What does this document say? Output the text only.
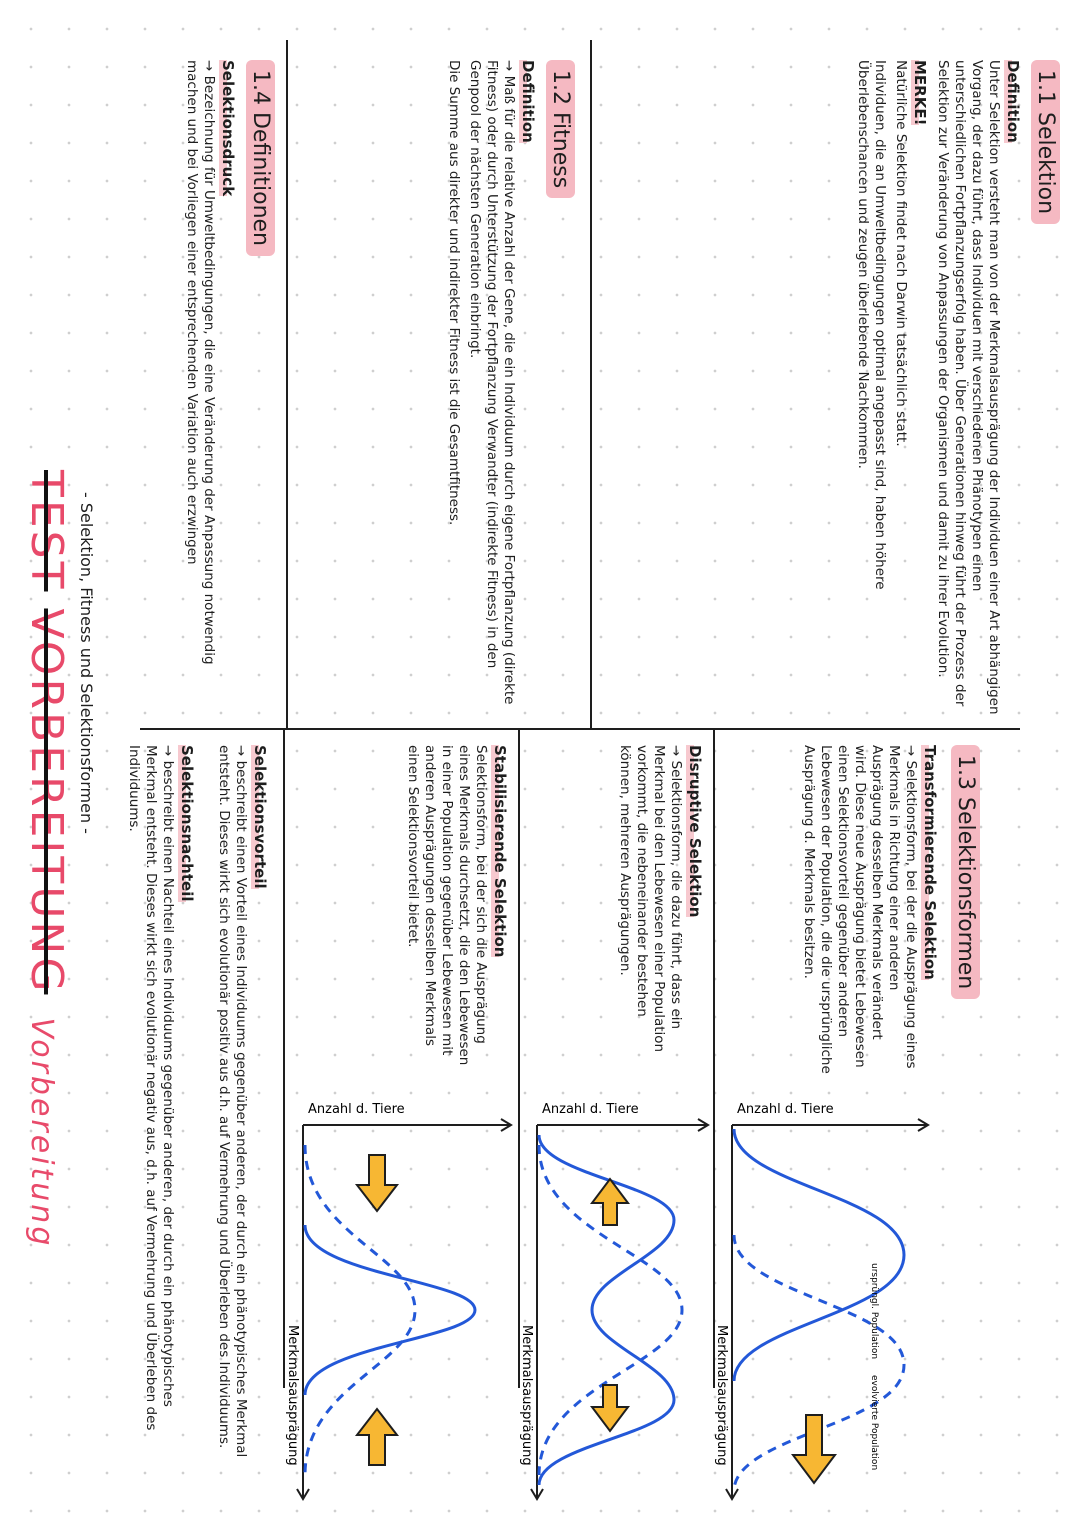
TEST VORBEREITUNG Vorbereitung
- Selektion, Fitness und Selektionsformen -
1.1 Selektion
Definition

Unter Selektion versteht man von der Merkmalsausprägung der Individuen einer Art abhängigen Vorgang, der dazu führt, dass Individuen mit verschiedenen Phänotypen einen unterschiedlichen Fortpflanzungserfolg haben. Über Generationen hinweg führt der Prozess der Selektion zur Veränderung von Anpassungen der Organismen und damit zu ihrer Evolution.

MERKE!

Natürliche Selektion findet nach Darwin tatsächlich statt.

Individuen, die an Umweltbedingungen optimal angepasst sind, haben höhere Überlebenschancen und zeugen überlebende Nachkommen.

1.2 Fitness
Definition

→ Maß für die relative Anzahl der Gene, die ein Individuum durch eigene Fortpflanzung (direkte Fitness) oder durch Unterstützung der Fortpflanzung Verwandter (indirekte Fitness) in den Genpool der nächsten Generation einbringt.

Die Summe aus direkter und indirekter Fitness ist die Gesamtfitness.

1.4 Definitionen
Selektionsdruck

→ Bezeichnung für Umweltbedingungen, die eine Veränderung der Anpassung notwendig machen und bei Vorliegen einer entsprechenden Variation auch erzwingen

1.3 Selektionsformen
Transformierende Selektion

→ Selektionsform, bei der die Ausprägung eines Merkmals in Richtung einer anderen Ausprägung desselben Merkmals verändert wird. Diese neue Ausprägung bietet Lebewesen einen Selektionsvorteil gegenüber anderen Lebewesen der Population, die die ursprüngliche Ausprägung d. Merkmals besitzen.

Disruptive Selektion

→ Selektionsform, die dazu führt, dass ein Merkmal bei den Lebewesen einer Population vorkommt, die nebeneinander bestehen können, mehreren Ausprägungen.

Stabilisierende Selektion

Selektionsform, bei der sich die Ausprägung eines Merkmals durchsetzt, die den Lebewesen in einer Population gegenüber Lebewesen mit anderen Ausprägungen desselben Merkmals einen Selektionsvorteil bietet.

Anzahl d. Tiere
Merkmalsausprägung
ursprüngl. Population
evolvierte Population
Anzahl d. Tiere
Merkmalsausprägung
Anzahl d. Tiere
Merkmalsausprägung
Selektionsvorteil

→ beschreibt einen Vorteil eines Individuums gegenüber anderen, der durch ein phänotypisches Merkmal entsteht. Dieses wirkt sich evolutionär positiv aus d.h. auf Vermehrung und Überleben des Individuums.

Selektionsnachteil

→ beschreibt einen Nachteil eines Individuums gegenüber anderen, der durch ein phänotypisches Merkmal entsteht. Dieses wirkt sich evolutionär negativ aus, d.h. auf Vermehrung und Überleben des Individuums.
